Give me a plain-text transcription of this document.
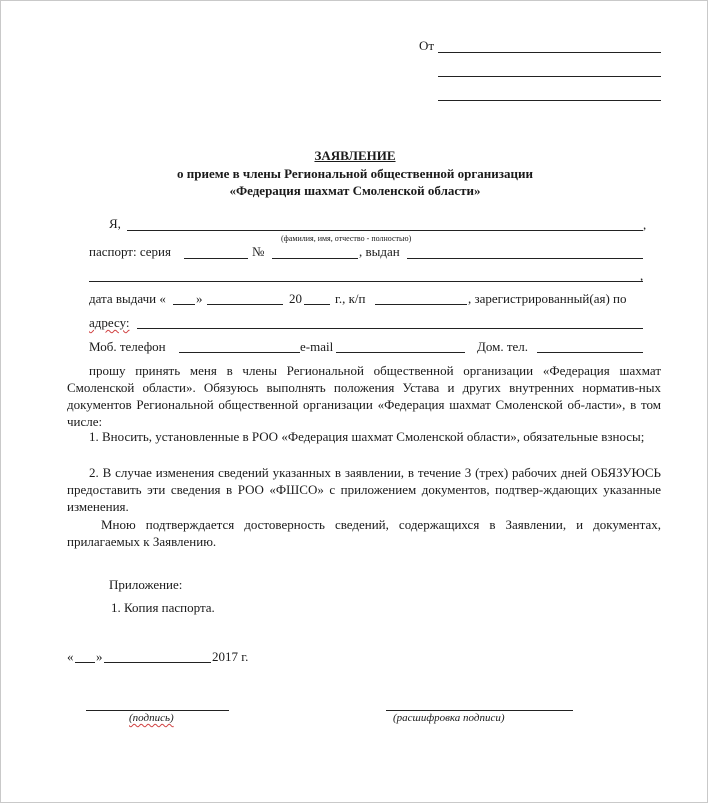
От
ЗАЯВЛЕНИЕ
о приеме в члены Региональной общественной организации
«Федерация шахмат Смоленской области»
Я,	,
(фамилия, имя, отчество - полностью)
паспорт: серия	№	, выдан
,
дата выдачи « »	20	г., к/п	, зарегистрированный(ая) по
адресу:
Моб. телефон	e-mail	Дом. тел.
прошу принять меня в члены Региональной общественной организации «Федерация шахмат Смоленской области». Обязуюсь выполнять положения Устава и других внутренних норматив-ных документов Региональной общественной организации «Федерация шахмат Смоленской об-ласти», в том числе:
1. Вносить, установленные в РОО «Федерация шахмат Смоленской области», обязательные взносы;
2. В случае изменения сведений указанных в заявлении, в течение 3 (трех) рабочих дней ОБЯЗУЮСЬ предоставить эти сведения в РОО «ФШСО» с приложением документов, подтвер-ждающих указанные изменения.
Мною подтверждается достоверность сведений, содержащихся в Заявлении, и документах, прилагаемых к Заявлению.
Приложение:
1. Копия паспорта.
« »	2017 г.
(подпись)	(расшифровка подписи)
